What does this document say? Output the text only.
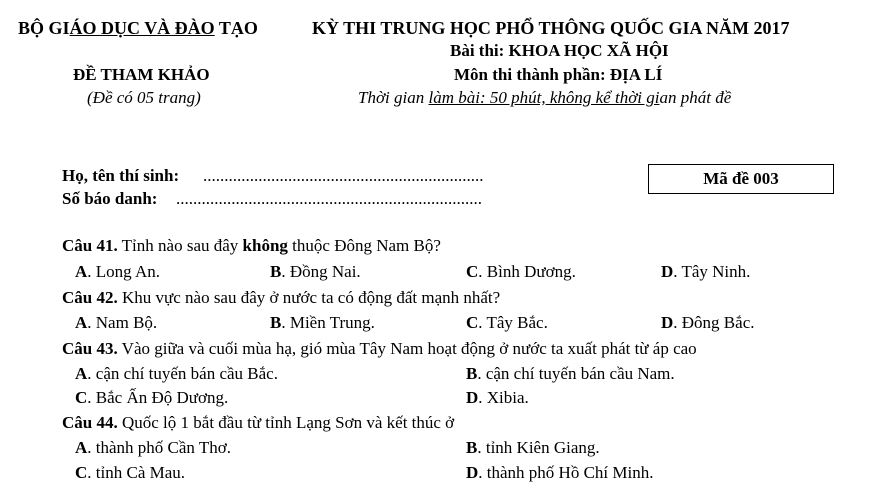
BỘ GIÁO DỤC VÀ ĐÀO TẠO	KỲ THI TRUNG HỌC PHỔ THÔNG QUỐC GIA NĂM 2017
Bài thi: KHOA HỌC XÃ HỘI
ĐỀ THAM KHẢO	Môn thi thành phần: ĐỊA LÍ
(Đề có 05 trang)	Thời gian làm bài: 50 phút, không kể thời gian phát đề
Họ, tên thí sinh: ..................................................................
Số báo danh: ........................................................................
Mã đề 003
Câu 41. Tỉnh nào sau đây không thuộc Đông Nam Bộ?
A. Long An.	B. Đồng Nai.	C. Bình Dương.	D. Tây Ninh.
Câu 42. Khu vực nào sau đây ở nước ta có động đất mạnh nhất?
A. Nam Bộ.	B. Miền Trung.	C. Tây Bắc.	D. Đông Bắc.
Câu 43. Vào giữa và cuối mùa hạ, gió mùa Tây Nam hoạt động ở nước ta xuất phát từ áp cao
A. cận chí tuyến bán cầu Bắc.	B. cận chí tuyến bán cầu Nam.
C. Bắc Ấn Độ Dương.	D. Xibia.
Câu 44. Quốc lộ 1 bắt đầu từ tỉnh Lạng Sơn và kết thúc ở
A. thành phố Cần Thơ.	B. tỉnh Kiên Giang.
C. tỉnh Cà Mau.	D. thành phố Hồ Chí Minh.
